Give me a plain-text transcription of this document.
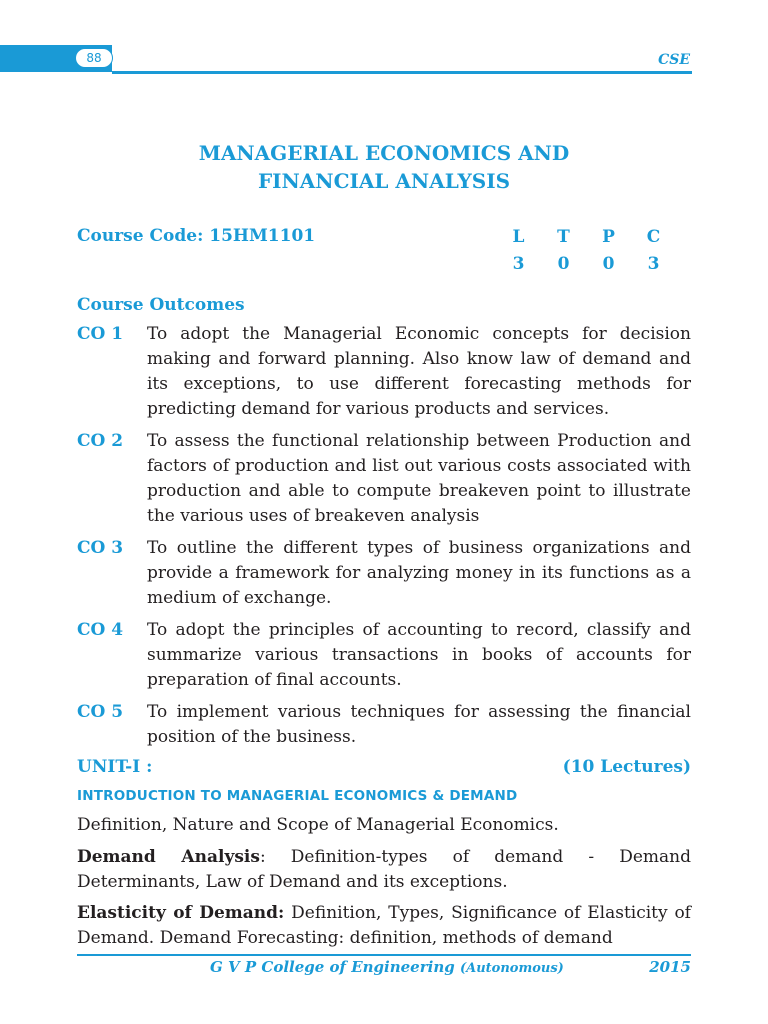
88	CSE
MANAGERIAL ECONOMICS AND
FINANCIAL ANALYSIS
Course Code: 15HM1101	L	T	P	C
3	0	0	3
Course Outcomes
CO 1	To adopt the Managerial Economic concepts for decision making and forward planning. Also know law of demand and its exceptions, to use different forecasting methods for predicting demand for various products and services.
CO 2	To assess the functional relationship between Production and factors of production and list out various costs associated with production and able to compute breakeven point to illustrate the various uses of breakeven analysis
CO 3	To outline the different types of business organizations and provide a framework for analyzing money in its functions as a medium of exchange.
CO 4	To adopt the principles of accounting to record, classify and summarize various transactions in books of accounts for preparation of final accounts.
CO 5	To implement various techniques for assessing the financial position of the business.
UNIT-I :	(10 Lectures)
INTRODUCTION TO MANAGERIAL ECONOMICS & DEMAND
Definition, Nature and Scope of Managerial Economics.
Demand Analysis: Definition-types of demand - Demand Determinants, Law of Demand and its exceptions.
Elasticity of Demand: Definition, Types, Significance of Elasticity of Demand. Demand Forecasting: definition, methods of demand
G V P College of Engineering (Autonomous)	2015
